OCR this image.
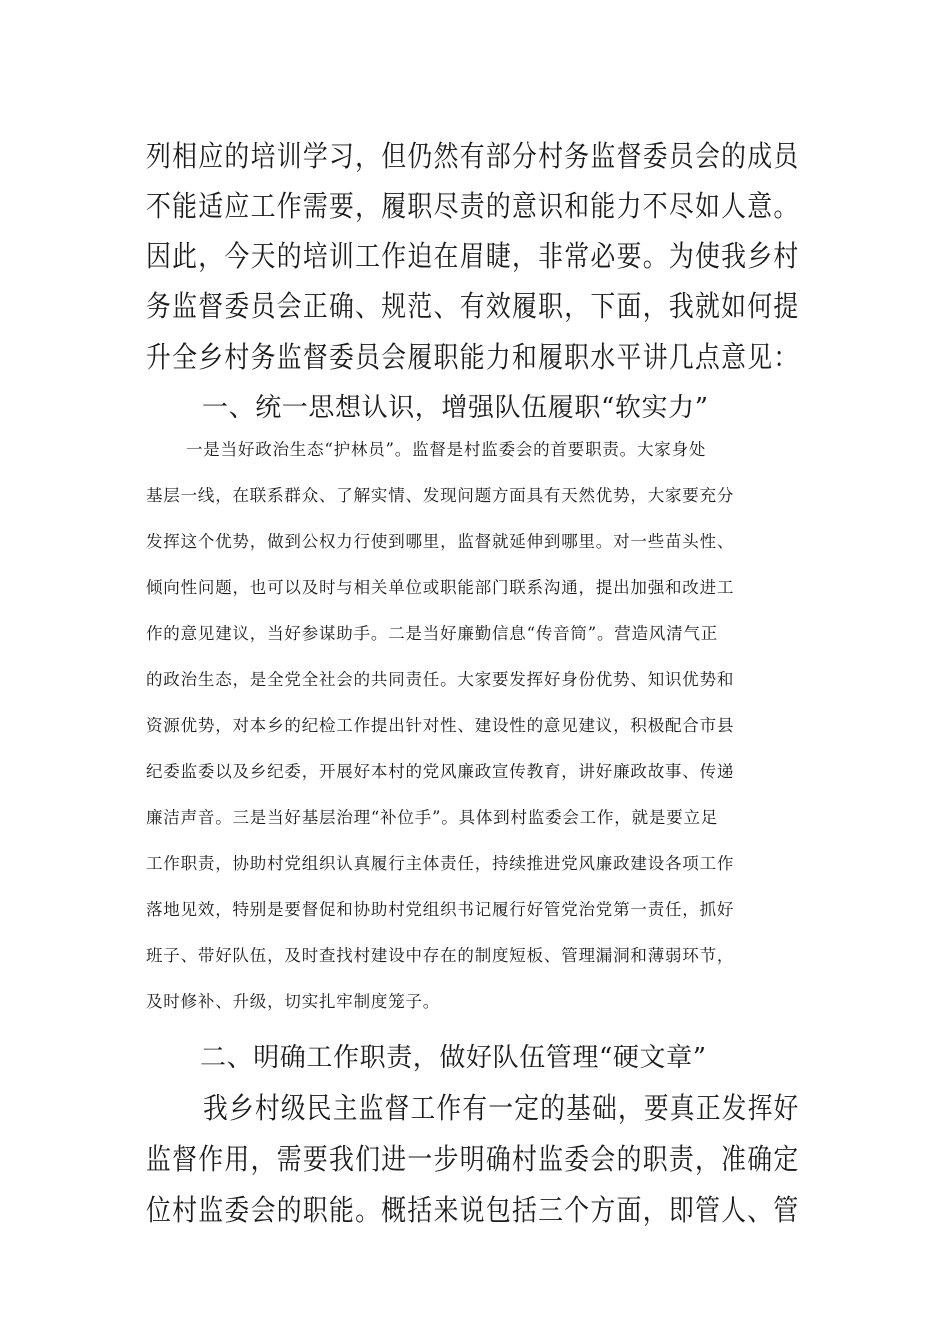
列相应的培训学习，但仍然有部分村务监督委员会的成员

不能适应工作需要，履职尽责的意识和能力不尽如人意。

因此，今天的培训工作迫在眉睫，非常必要。为使我乡村

务监督委员会正确、规范、有效履职，下面，我就如何提

升全乡村务监督委员会履职能力和履职水平讲几点意见：

一、统一思想认识，增强队伍履职“软实力”

一是当好政治生态“护林员”。监督是村监委会的首要职责。大家身处

基层一线，在联系群众、了解实情、发现问题方面具有天然优势，大家要充分

发挥这个优势，做到公权力行使到哪里，监督就延伸到哪里。对一些苗头性、

倾向性问题，也可以及时与相关单位或职能部门联系沟通，提出加强和改进工

作的意见建议，当好参谋助手。二是当好廉勤信息“传音筒”。营造风清气正

的政治生态，是全党全社会的共同责任。大家要发挥好身份优势、知识优势和

资源优势，对本乡的纪检工作提出针对性、建设性的意见建议，积极配合市县

纪委监委以及乡纪委，开展好本村的党风廉政宣传教育，讲好廉政故事、传递

廉洁声音。三是当好基层治理“补位手”。具体到村监委会工作，就是要立足

工作职责，协助村党组织认真履行主体责任，持续推进党风廉政建设各项工作

落地见效，特别是要督促和协助村党组织书记履行好管党治党第一责任，抓好

班子、带好队伍，及时查找村建设中存在的制度短板、管理漏洞和薄弱环节，

及时修补、升级，切实扎牢制度笼子。

二、明确工作职责，做好队伍管理“硬文章”

我乡村级民主监督工作有一定的基础，要真正发挥好

监督作用，需要我们进一步明确村监委会的职责，准确定

位村监委会的职能。概括来说包括三个方面，即管人、管
